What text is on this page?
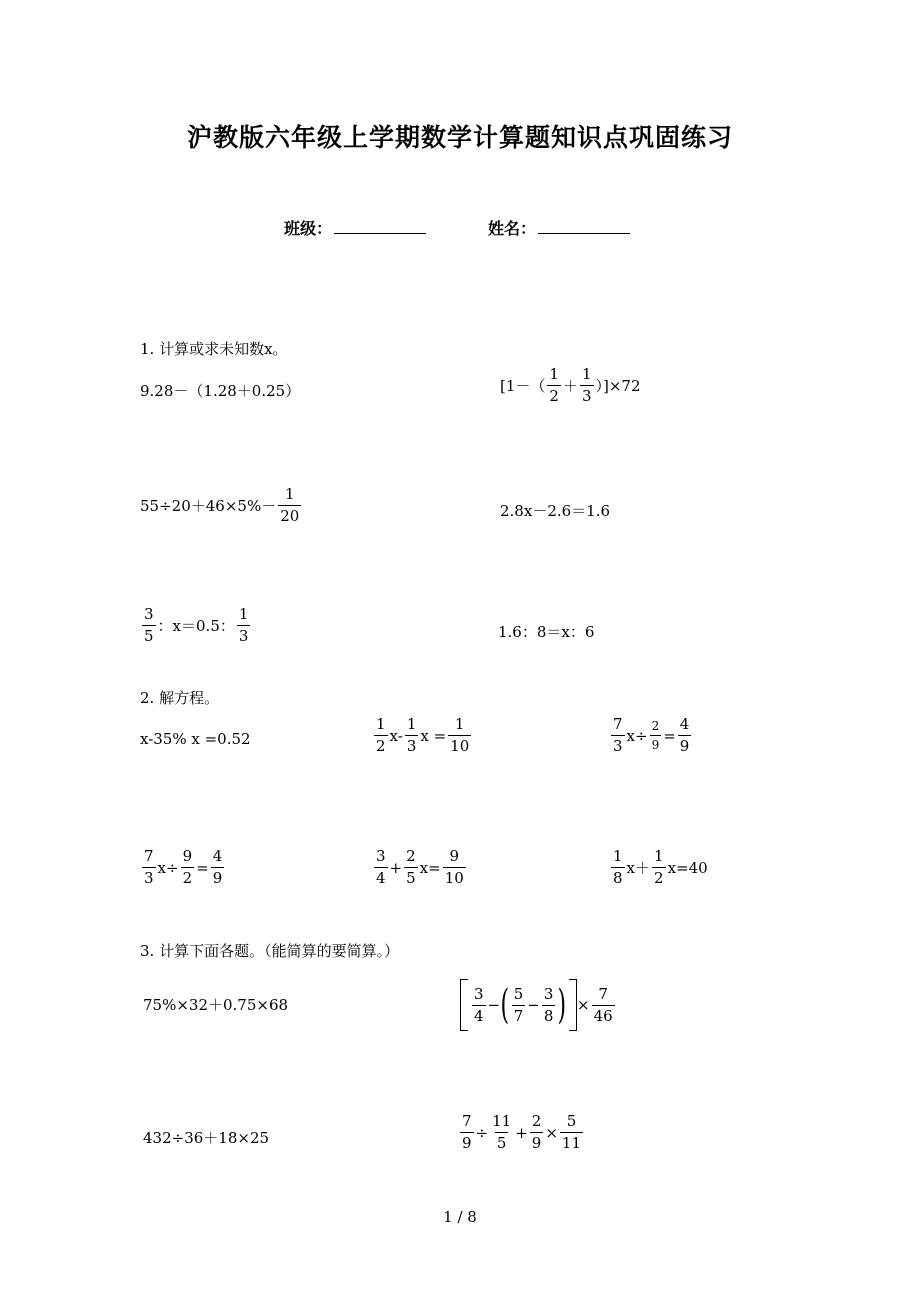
沪教版六年级上学期数学计算题知识点巩固练习
班级：	姓名：
1. 计算或求未知数x。
9.28－（1.28＋0.25）	$[1-( \frac{1}{2} + \frac{1}{3} )]\times 72$
$55\div 20+46\times 5\%- \frac{1}{20}$	2.8x－2.6＝1.6
$\frac{3}{5}$ ：x＝0.5： $\frac{1}{3}$	1.6：8＝x：6
2. 解方程。
x-35% x =0.52	$\frac{1}{2} x- \frac{1}{3}$ $x = \frac{1}{10}$	$\frac{7}{3} x\div \frac{2}{9} = \frac{4}{9}$
$\frac{7}{3} x\div \frac{9}{2} = \frac{4}{9}$	$\frac{3}{4} + \frac{2}{5} x= \frac{9}{10}$	$\frac{1}{8} x+ \frac{1}{2} x=40$
3. 计算下面各题。（能简算的要简算。）
75%×32＋0.75×68	$\frac{3}{4}$ − ( $\frac{5}{7} - \frac{3}{8}$ ) × $\frac{7}{46}$
432÷36＋18×25	$\frac{7}{9} \div \frac{11}{5} + \frac{2}{9} \times \frac{5}{11}$
1 / 8
